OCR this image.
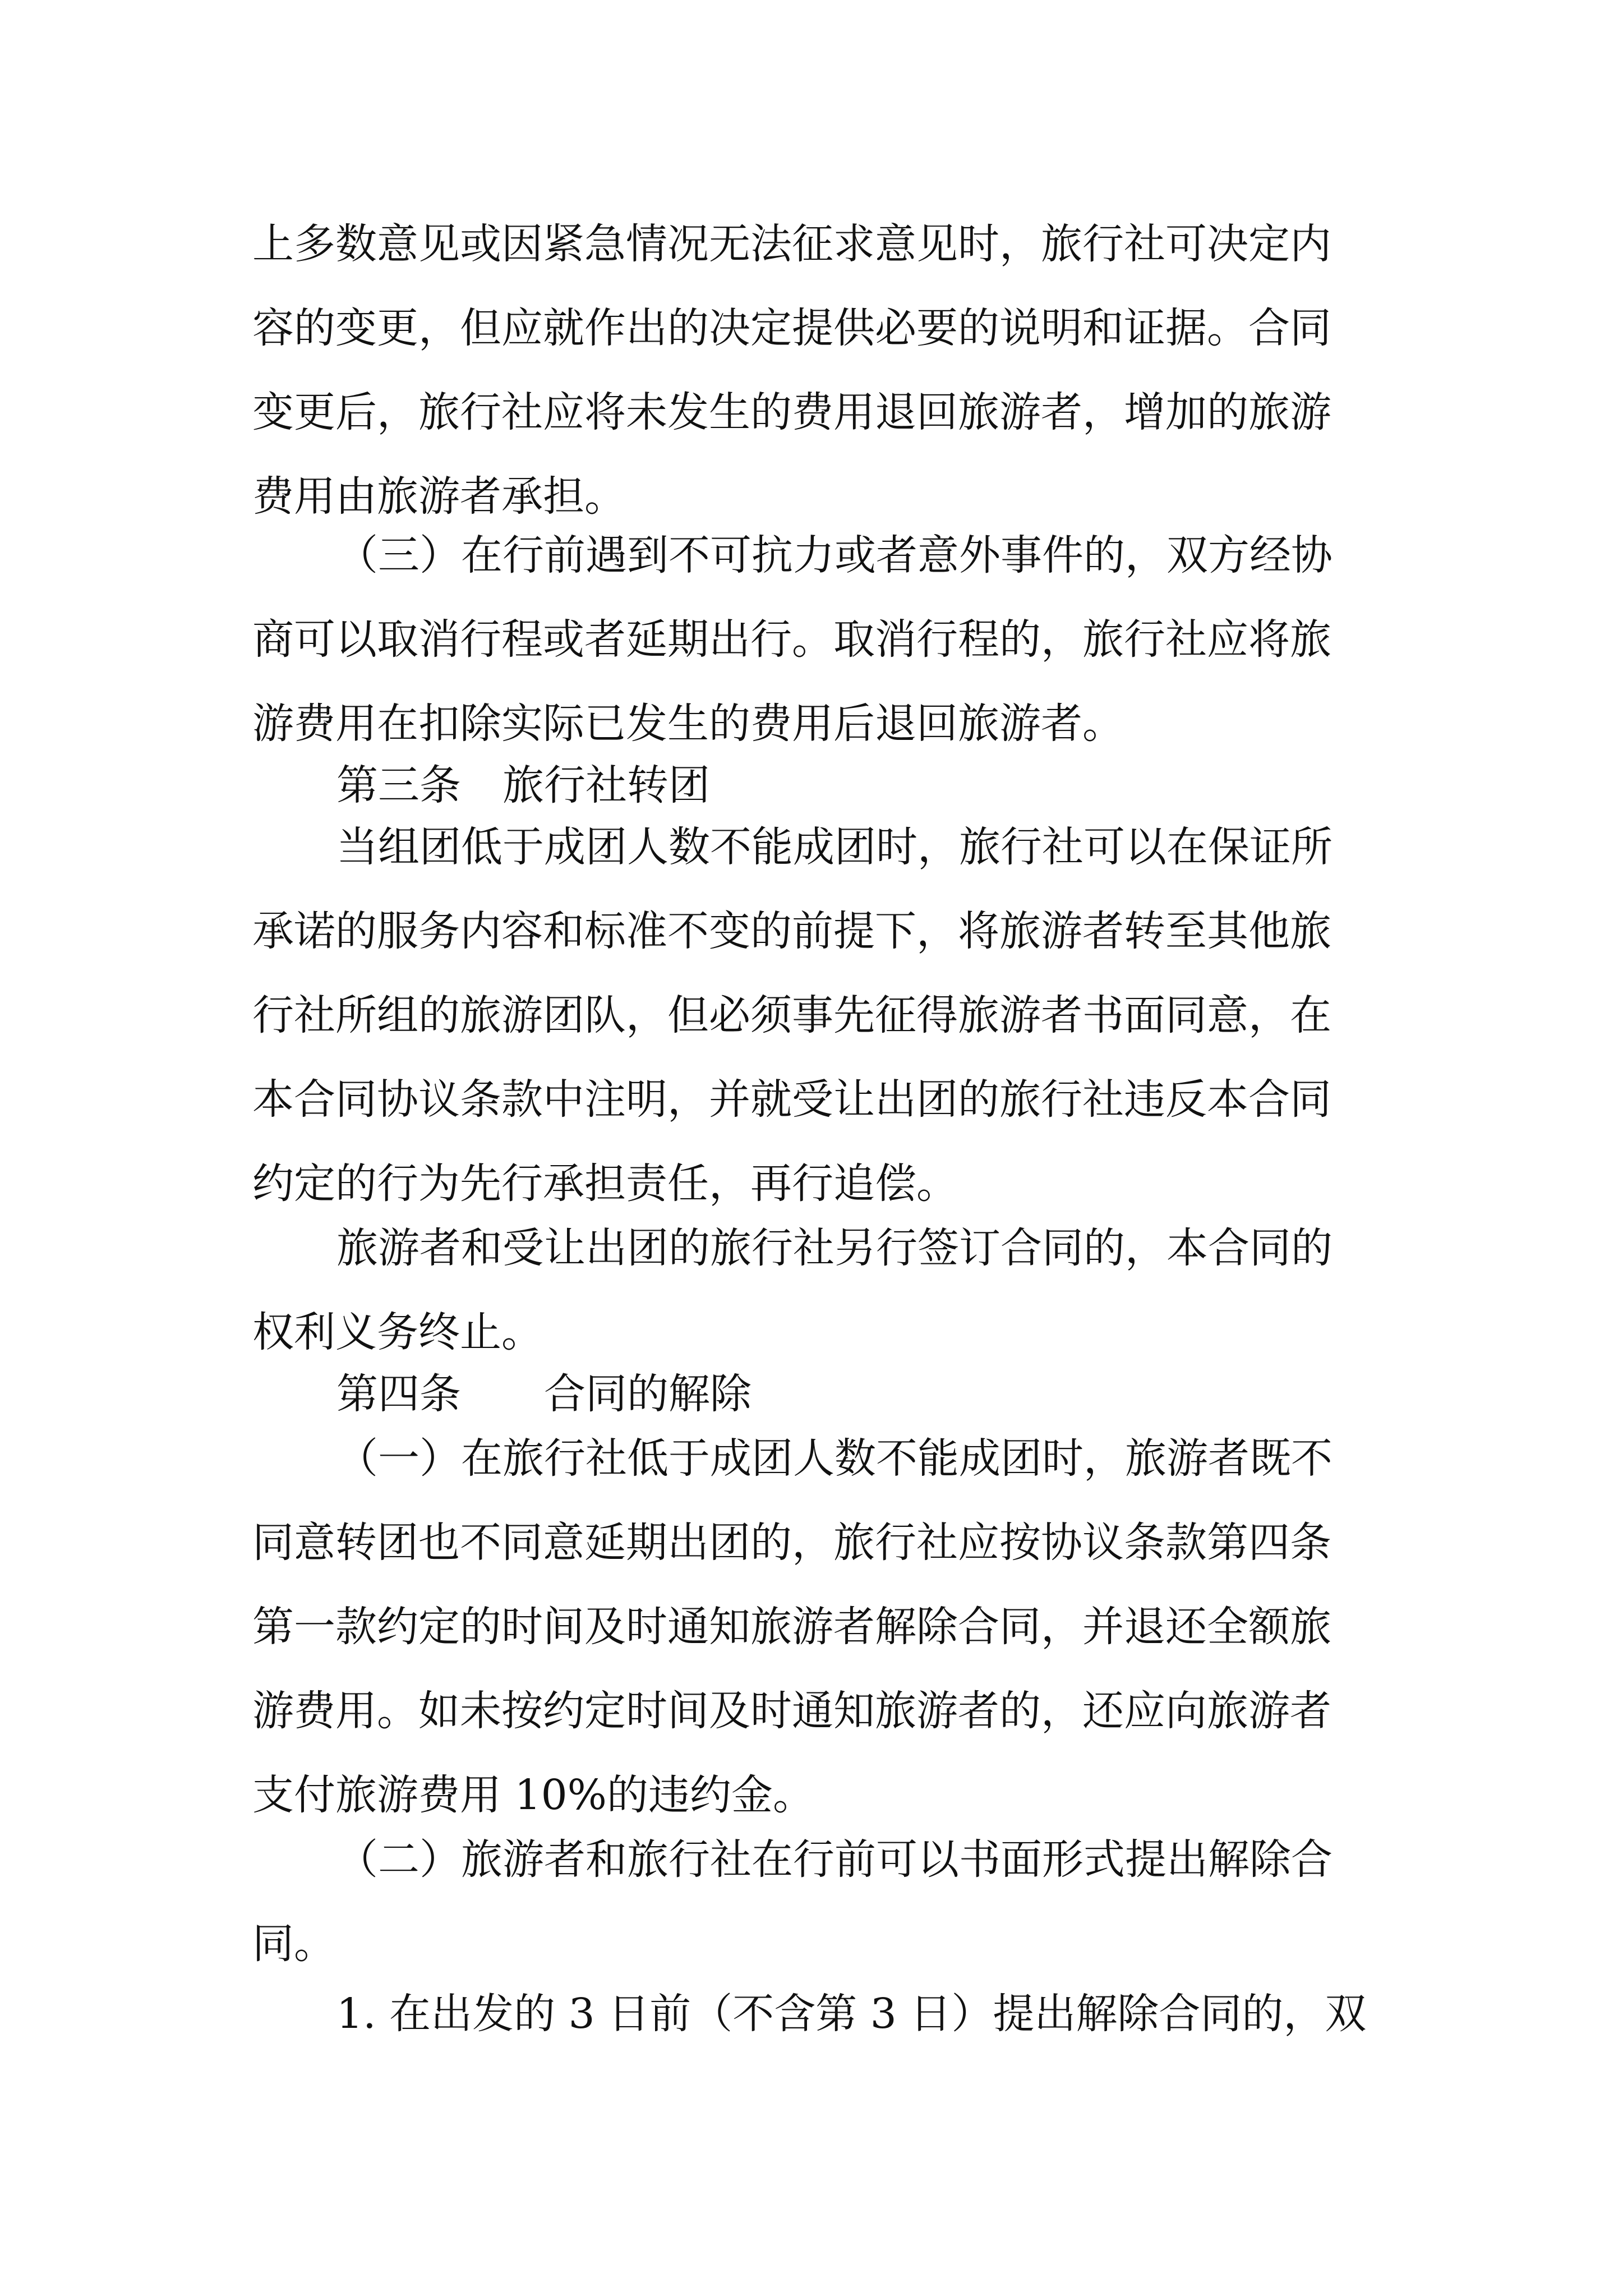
上多数意见或因紧急情况无法征求意见时，旅行社可决定内

容的变更，但应就作出的决定提供必要的说明和证据。合同

变更后，旅行社应将未发生的费用退回旅游者，增加的旅游

费用由旅游者承担。

（三）在行前遇到不可抗力或者意外事件的，双方经协

商可以取消行程或者延期出行。取消行程的，旅行社应将旅

游费用在扣除实际已发生的费用后退回旅游者。

第三条　旅行社转团

当组团低于成团人数不能成团时，旅行社可以在保证所

承诺的服务内容和标准不变的前提下，将旅游者转至其他旅

行社所组的旅游团队，但必须事先征得旅游者书面同意，在

本合同协议条款中注明，并就受让出团的旅行社违反本合同

约定的行为先行承担责任，再行追偿。

旅游者和受让出团的旅行社另行签订合同的，本合同的

权利义务终止。

第四条　　合同的解除

（一）在旅行社低于成团人数不能成团时，旅游者既不

同意转团也不同意延期出团的，旅行社应按协议条款第四条

第一款约定的时间及时通知旅游者解除合同，并退还全额旅

游费用。如未按约定时间及时通知旅游者的，还应向旅游者

支付旅游费用 10%的违约金。

（二）旅游者和旅行社在行前可以书面形式提出解除合

同。

1. 在出发的 3 日前（不含第 3 日）提出解除合同的，双
